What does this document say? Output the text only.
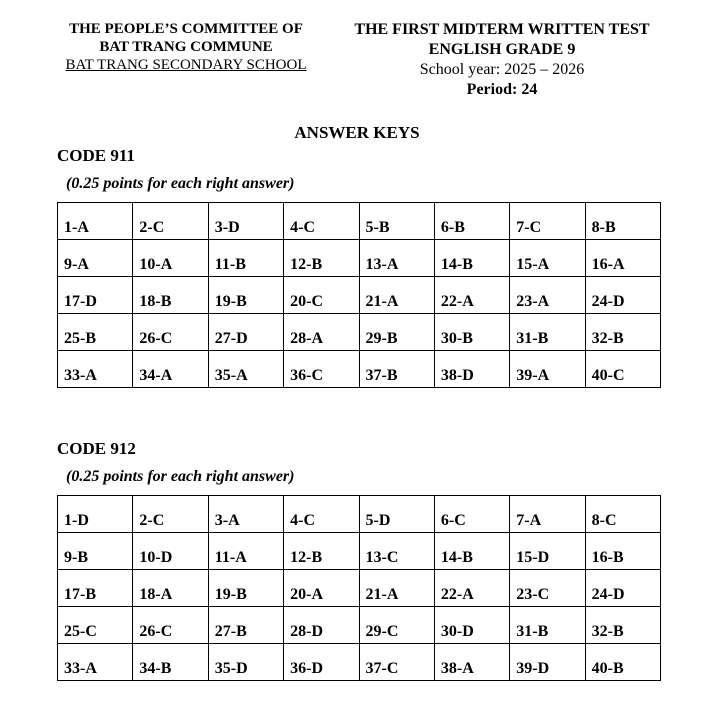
THE PEOPLE’S COMMITTEE OF
BAT TRANG COMMUNE
BAT TRANG SECONDARY SCHOOL
THE FIRST MIDTERM WRITTEN TEST
ENGLISH GRADE 9
School year: 2025 – 2026
Period: 24
ANSWER KEYS
CODE 911
(0.25 points for each right answer)
1-A	2-C	3-D	4-C	5-B	6-B	7-C	8-B
9-A	10-A	11-B	12-B	13-A	14-B	15-A	16-A
17-D	18-B	19-B	20-C	21-A	22-A	23-A	24-D
25-B	26-C	27-D	28-A	29-B	30-B	31-B	32-B
33-A	34-A	35-A	36-C	37-B	38-D	39-A	40-C
CODE 912
(0.25 points for each right answer)
1-D	2-C	3-A	4-C	5-D	6-C	7-A	8-C
9-B	10-D	11-A	12-B	13-C	14-B	15-D	16-B
17-B	18-A	19-B	20-A	21-A	22-A	23-C	24-D
25-C	26-C	27-B	28-D	29-C	30-D	31-B	32-B
33-A	34-B	35-D	36-D	37-C	38-A	39-D	40-B
